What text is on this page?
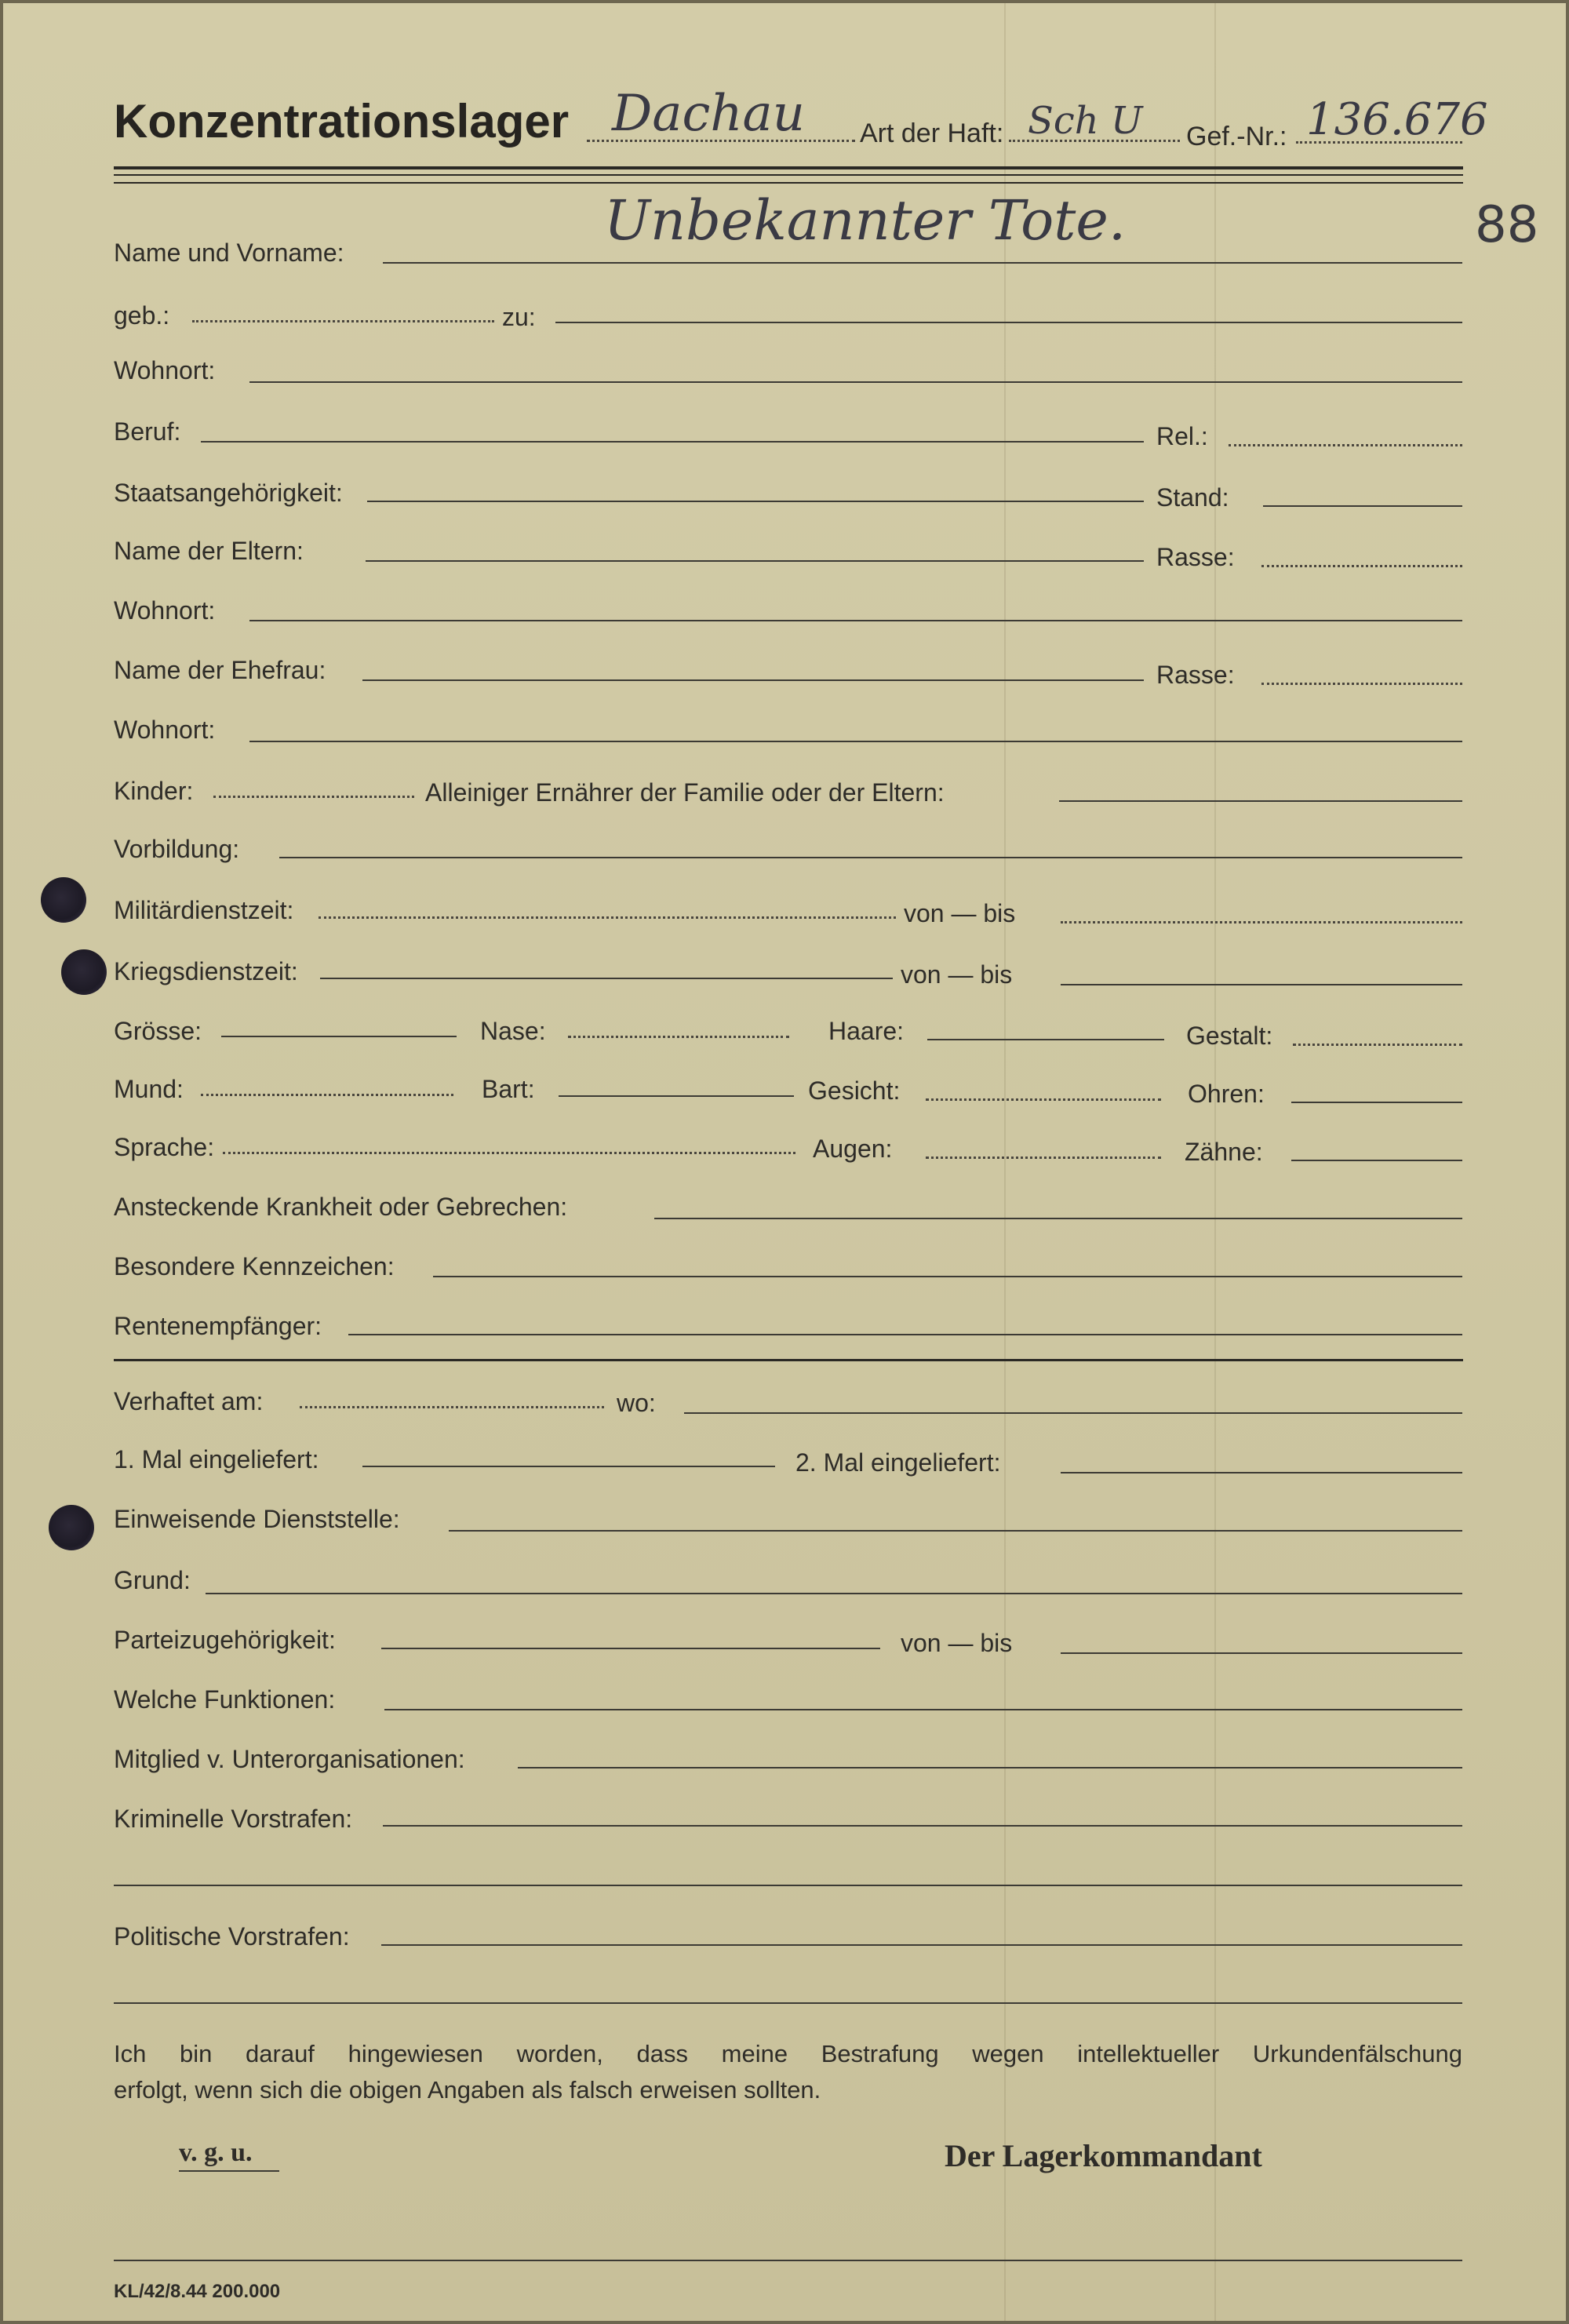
Konzentrationslager Dachau Art der Haft: Sch U Gef.-Nr.: 136.676
88
Name und Vorname:	Unbekannter Tote.
geb.:	zu:
Wohnort:
Beruf:	Rel.:
Staatsangehörigkeit:	Stand:
Name der Eltern:	Rasse:
Wohnort:
Name der Ehefrau:	Rasse:
Wohnort:
Kinder:	Alleiniger Ernährer der Familie oder der Eltern:
Vorbildung:
Militärdienstzeit:	von — bis
Kriegsdienstzeit:	von — bis
Grösse:	Nase:	Haare:	Gestalt:
Mund:	Bart:	Gesicht:	Ohren:
Sprache:	Augen:	Zähne:
Ansteckende Krankheit oder Gebrechen:
Besondere Kennzeichen:
Rentenempfänger:
Verhaftet am:	wo:
1. Mal eingeliefert:	2. Mal eingeliefert:
Einweisende Dienststelle:
Grund:
Parteizugehörigkeit:	von — bis
Welche Funktionen:
Mitglied v. Unterorganisationen:
Kriminelle Vorstrafen:
Politische Vorstrafen:
Ich bin darauf hingewiesen worden, dass meine Bestrafung wegen intellektueller Urkundenfälschung
erfolgt, wenn sich die obigen Angaben als falsch erweisen sollten.
v. g. u.	Der Lagerkommandant
KL/42/8.44 200.000
